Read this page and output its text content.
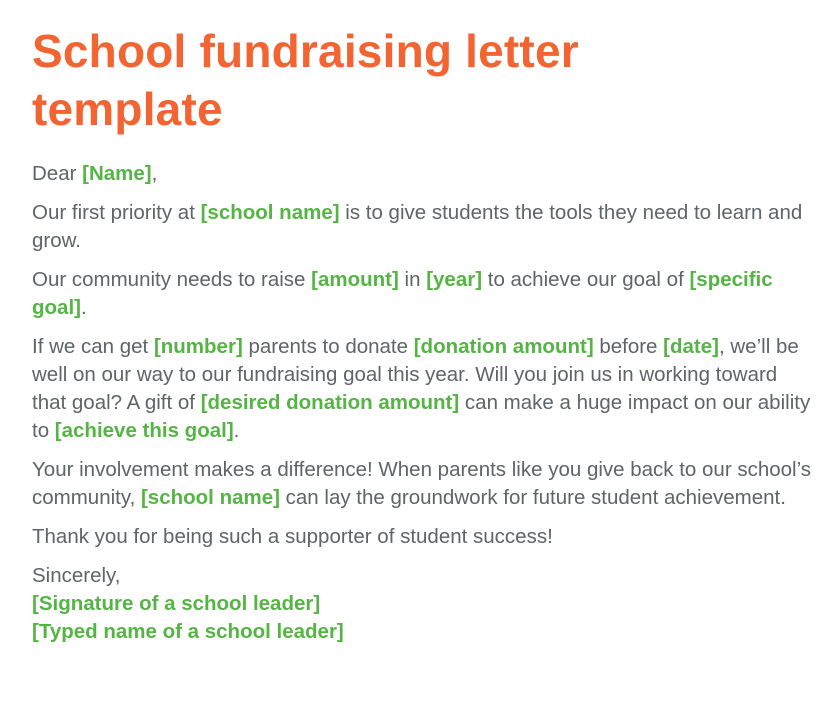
School fundraising letter template

Dear [Name],

Our first priority at [school name] is to give students the tools they need to learn and grow.

Our community needs to raise [amount] in [year] to achieve our goal of [specific goal].

If we can get [number] parents to donate [donation amount] before [date], we’ll be well on our way to our fundraising goal this year. Will you join us in working toward that goal? A gift of [desired donation amount] can make a huge impact on our ability to [achieve this goal].

Your involvement makes a difference! When parents like you give back to our school’s community, [school name] can lay the groundwork for future student achievement.

Thank you for being such a supporter of student success!

Sincerely,
[Signature of a school leader]
[Typed name of a school leader]
